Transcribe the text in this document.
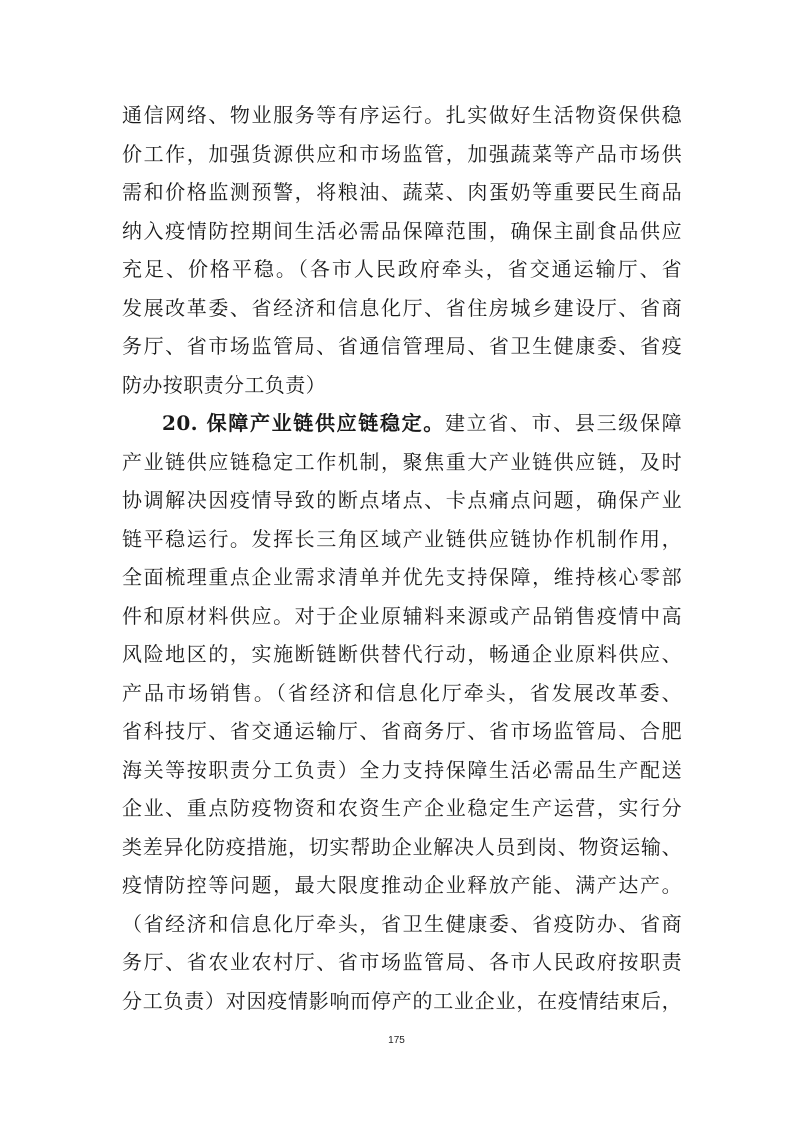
通信网络、物业服务等有序运行。扎实做好生活物资保供稳
价工作，加强货源供应和市场监管，加强蔬菜等产品市场供
需和价格监测预警，将粮油、蔬菜、肉蛋奶等重要民生商品
纳入疫情防控期间生活必需品保障范围，确保主副食品供应
充足、价格平稳。（各市人民政府牵头，省交通运输厅、省
发展改革委、省经济和信息化厅、省住房城乡建设厅、省商
务厅、省市场监管局、省通信管理局、省卫生健康委、省疫
防办按职责分工负责）
20. 保障产业链供应链稳定。建立省、市、县三级保障
产业链供应链稳定工作机制，聚焦重大产业链供应链，及时
协调解决因疫情导致的断点堵点、卡点痛点问题，确保产业
链平稳运行。发挥长三角区域产业链供应链协作机制作用，
全面梳理重点企业需求清单并优先支持保障，维持核心零部
件和原材料供应。对于企业原辅料来源或产品销售疫情中高
风险地区的，实施断链断供替代行动，畅通企业原料供应、
产品市场销售。（省经济和信息化厅牵头，省发展改革委、
省科技厅、省交通运输厅、省商务厅、省市场监管局、合肥
海关等按职责分工负责）全力支持保障生活必需品生产配送
企业、重点防疫物资和农资生产企业稳定生产运营，实行分
类差异化防疫措施，切实帮助企业解决人员到岗、物资运输、
疫情防控等问题，最大限度推动企业释放产能、满产达产。
（省经济和信息化厅牵头，省卫生健康委、省疫防办、省商
务厅、省农业农村厅、省市场监管局、各市人民政府按职责
分工负责）对因疫情影响而停产的工业企业，在疫情结束后，
175
